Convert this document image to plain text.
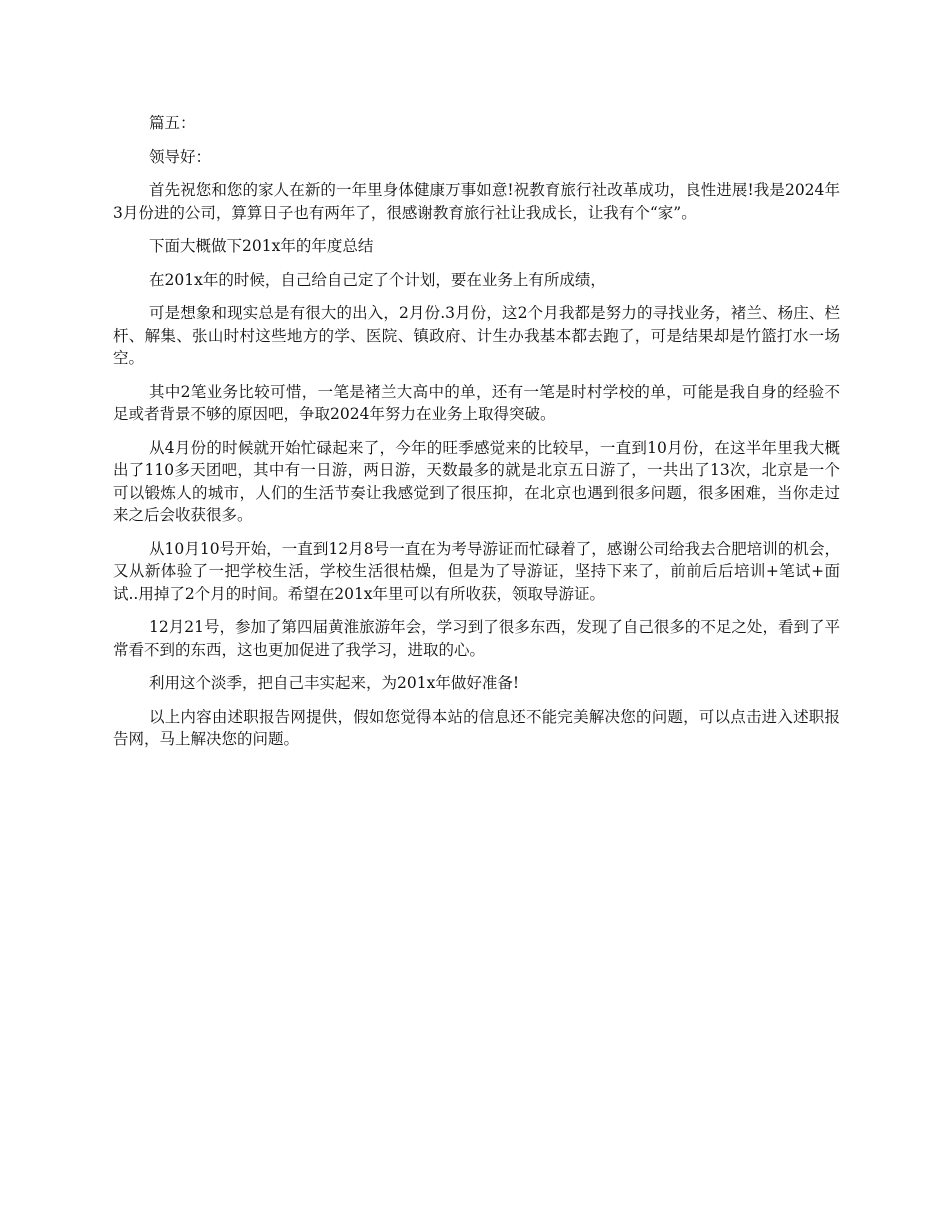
篇五：

领导好：

首先祝您和您的家人在新的一年里身体健康万事如意!祝教育旅行社改革成功，良性进展!我是2024年3月份进的公司，算算日子也有两年了，很感谢教育旅行社让我成长，让我有个“家”。

下面大概做下201x年的年度总结

在201x年的时候，自己给自己定了个计划，要在业务上有所成绩，

可是想象和现实总是有很大的出入，2月份.3月份，这2个月我都是努力的寻找业务，褚兰、杨庄、栏杆、解集、张山时村这些地方的学、医院、镇政府、计生办我基本都去跑了，可是结果却是竹篮打水一场空。

其中2笔业务比较可惜，一笔是褚兰大高中的单，还有一笔是时村学校的单，可能是我自身的经验不足或者背景不够的原因吧，争取2024年努力在业务上取得突破。

从4月份的时候就开始忙碌起来了，今年的旺季感觉来的比较早，一直到10月份，在这半年里我大概出了110多天团吧，其中有一日游，两日游，天数最多的就是北京五日游了，一共出了13次，北京是一个可以锻炼人的城市，人们的生活节奏让我感觉到了很压抑，在北京也遇到很多问题，很多困难，当你走过来之后会收获很多。

从10月10号开始，一直到12月8号一直在为考导游证而忙碌着了，感谢公司给我去合肥培训的机会，又从新体验了一把学校生活，学校生活很枯燥，但是为了导游证，坚持下来了，前前后后培训+笔试+面试..用掉了2个月的时间。希望在201x年里可以有所收获，领取导游证。

12月21号，参加了第四届黄淮旅游年会，学习到了很多东西，发现了自己很多的不足之处，看到了平常看不到的东西，这也更加促进了我学习，进取的心。

利用这个淡季，把自己丰实起来，为201x年做好准备!

以上内容由述职报告网提供，假如您觉得本站的信息还不能完美解决您的问题，可以点击进入述职报告网，马上解决您的问题。
